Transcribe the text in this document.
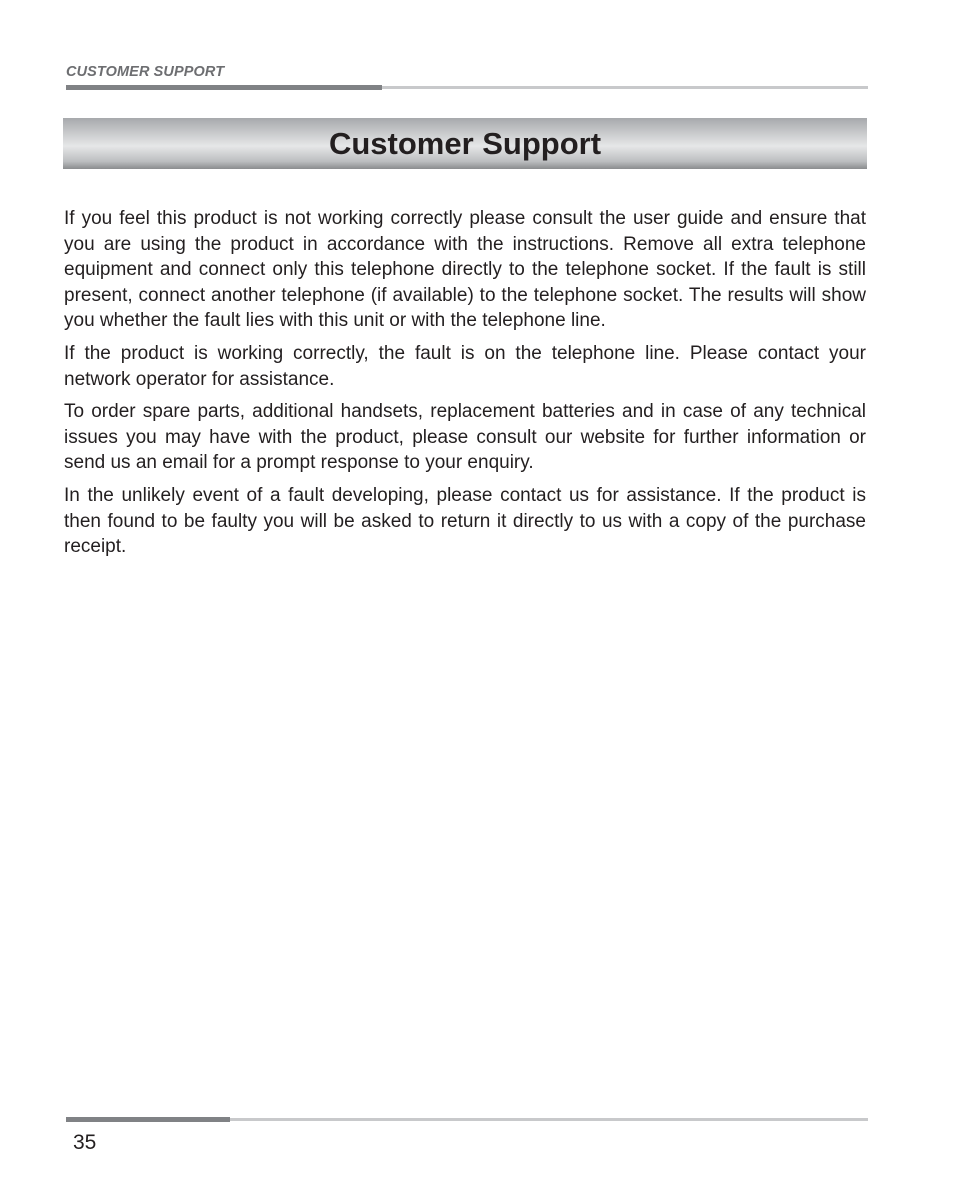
CUSTOMER SUPPORT
Customer Support

If you feel this product is not working correctly please consult the user guide and ensure that you are using the product in accordance with the instructions. Remove all extra telephone equipment and connect only this telephone directly to the telephone socket. If the fault is still present, connect another telephone (if available) to the telephone socket. The results will show you whether the fault lies with this unit or with the telephone line.

If the product is working correctly, the fault is on the telephone line. Please contact your network operator for assistance.

To order spare parts, additional handsets, replacement batteries and in case of any technical issues you may have with the product, please consult our website for further information or send us an email for a prompt response to your enquiry.

In the unlikely event of a fault developing, please contact us for assistance. If the product is then found to be faulty you will be asked to return it directly to us with a copy of the purchase receipt.

35
